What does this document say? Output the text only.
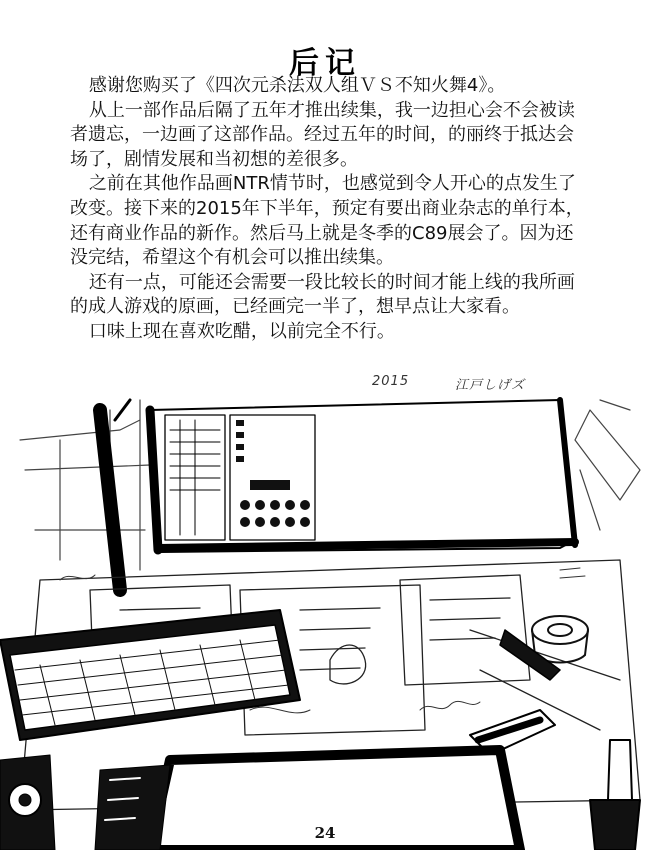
后记

感谢您购买了《四次元杀法双人组ＶＳ不知火舞4》。

从上一部作品后隔了五年才推出续集，我一边担心会不会被读者遗忘，一边画了这部作品。经过五年的时间，的丽终于抵达会场了，剧情发展和当初想的差很多。

之前在其他作品画NTR情节时，也感觉到令人开心的点发生了改变。接下来的2015年下半年，预定有要出商业杂志的单行本，还有商业作品的新作。然后马上就是冬季的C89展会了。因为还没完结，希望这个有机会可以推出续集。

还有一点，可能还会需要一段比较长的时间才能上线的我所画的成人游戏的原画，已经画完一半了，想早点让大家看。

口味上现在喜欢吃醋，以前完全不行。

2015	江戸しげズ
24
